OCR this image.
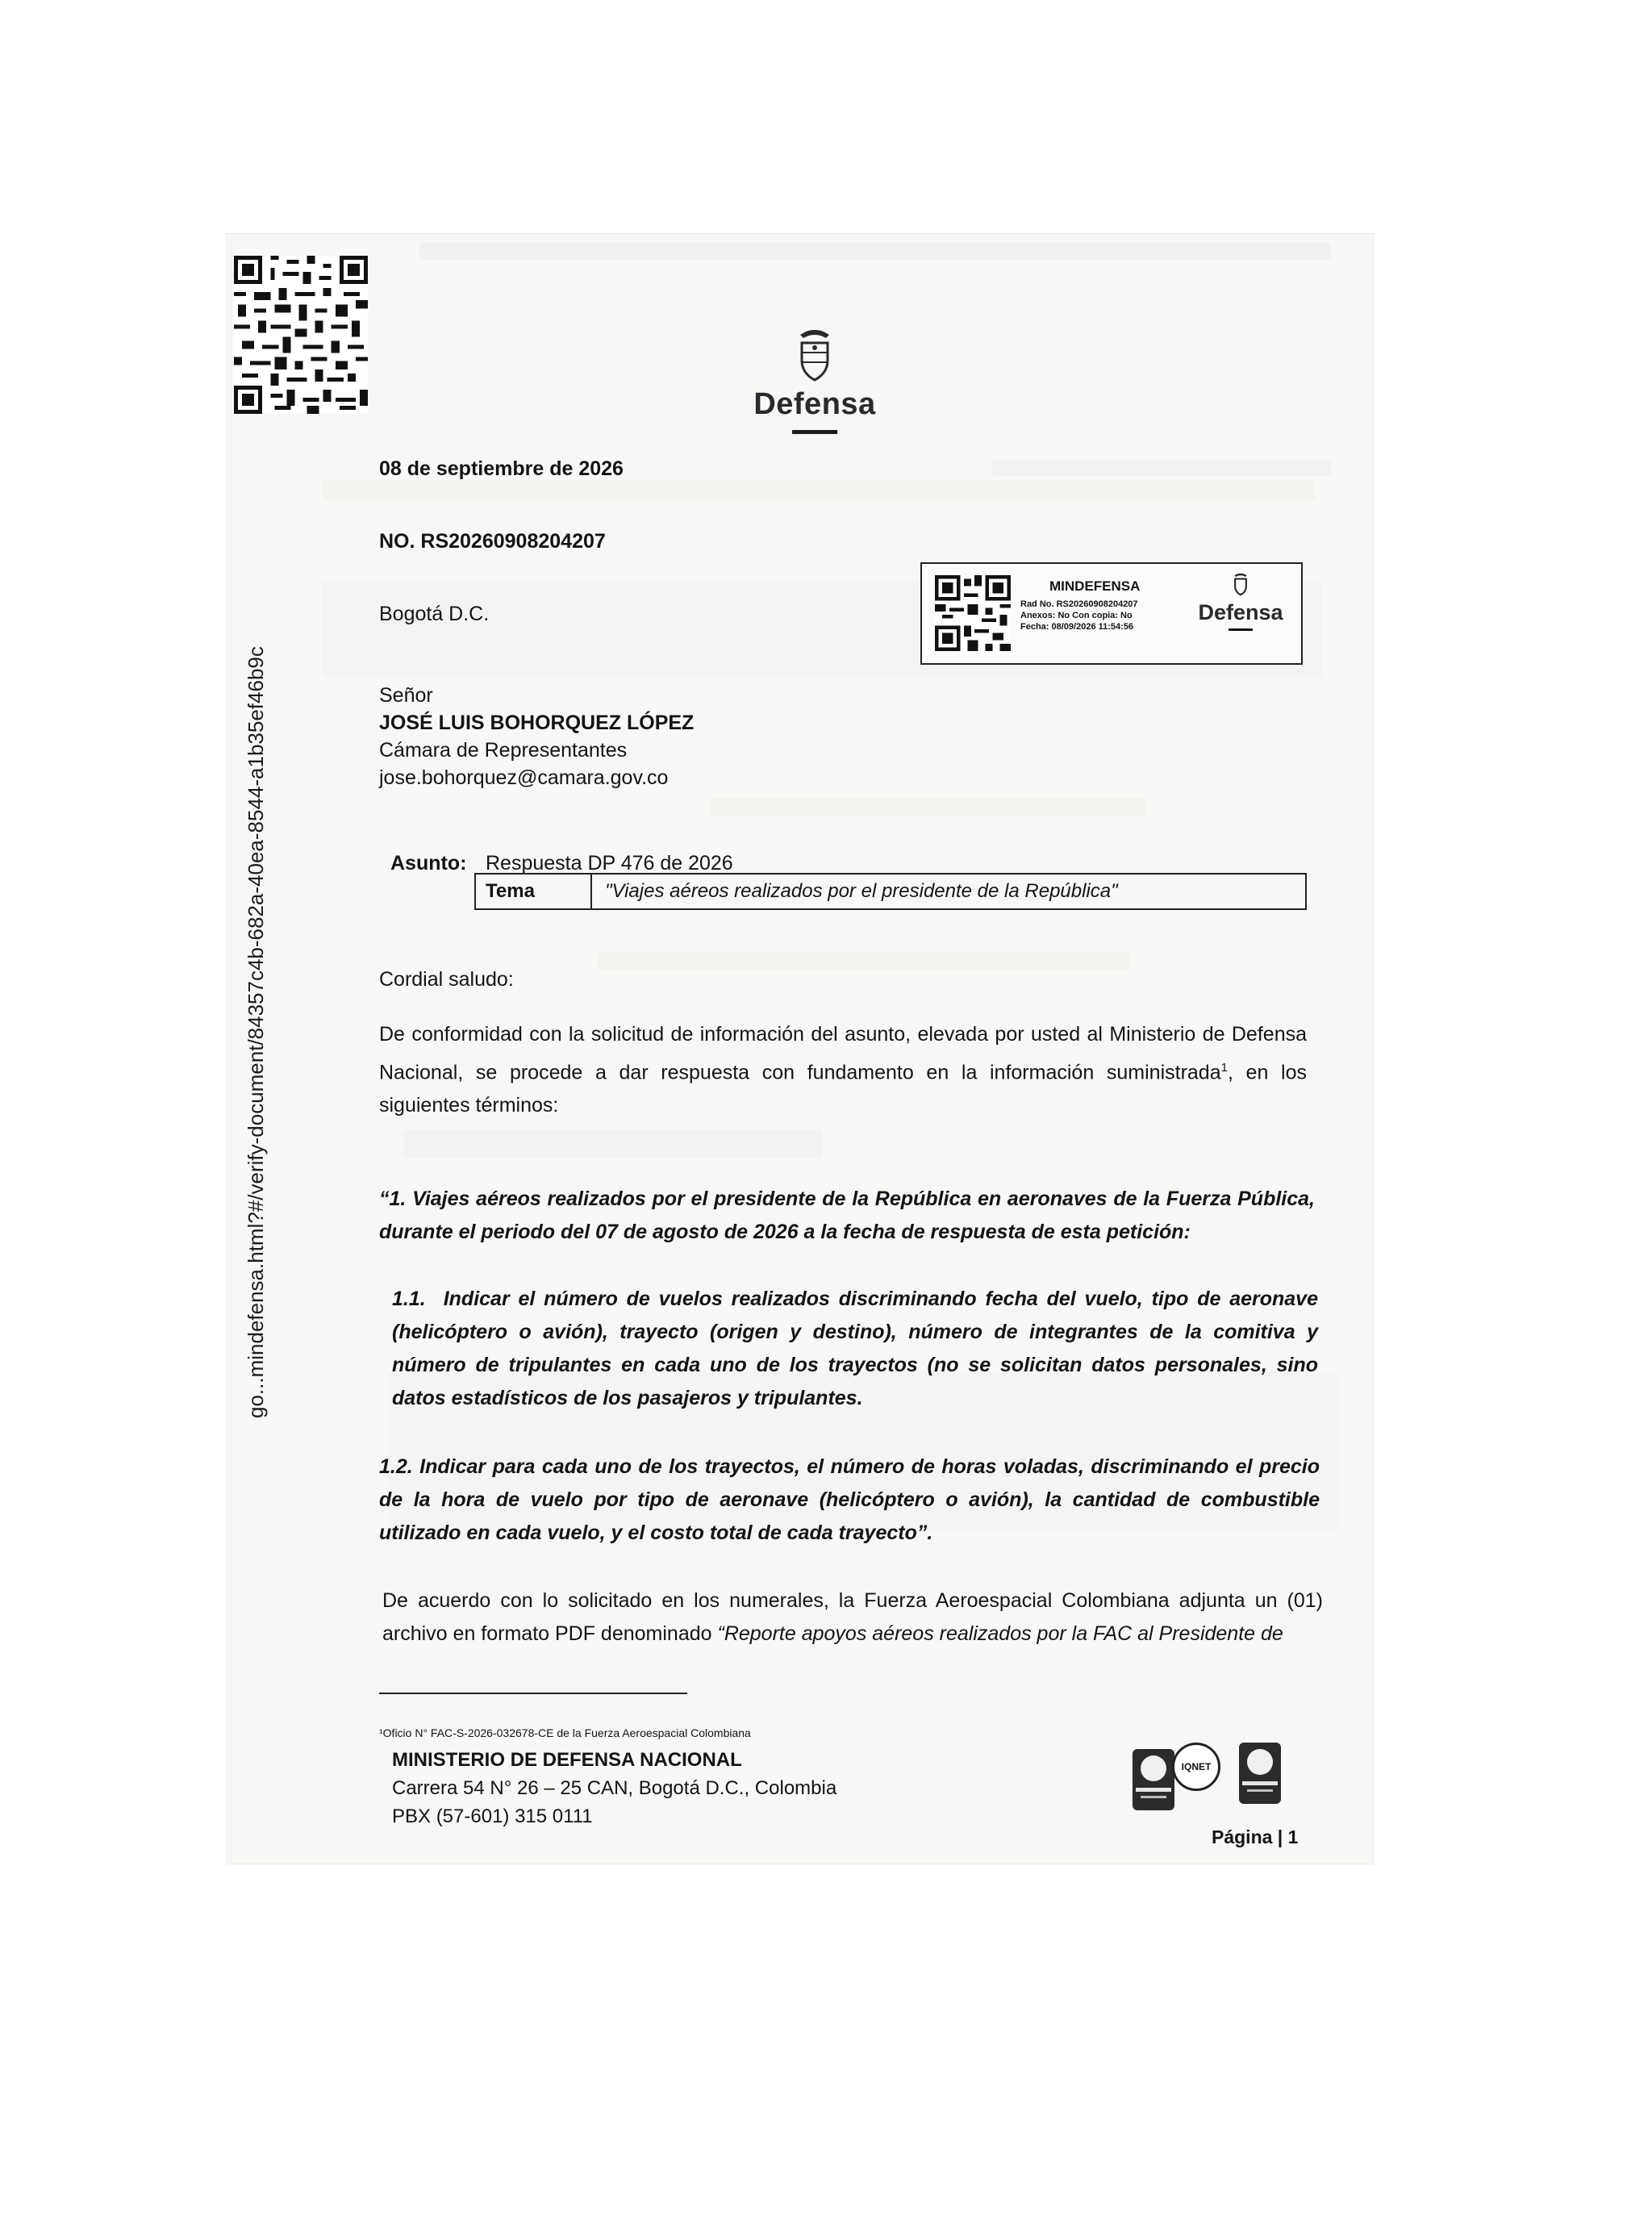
go...mindefensa.html?#/verify-document/84357c4b-682a-40ea-8544-a1b35ef46b9c
Defensa
08 de septiembre de 2026
NO. RS20260908204207
Bogotá D.C.
MINDEFENSA
Rad No. RS20260908204207
Anexos: No Con copia: No
Fecha: 08/09/2026 11:54:56
Defensa
Señor
JOSÉ LUIS BOHORQUEZ LÓPEZ
Cámara de Representantes
jose.bohorquez@camara.gov.co
Asunto: Respuesta DP 476 de 2026
Tema	"Viajes aéreos realizados por el presidente de la República"
Cordial saludo:
De conformidad con la solicitud de información del asunto, elevada por usted al Ministerio de Defensa Nacional, se procede a dar respuesta con fundamento en la información suministrada$^1$, en los siguientes términos:
“1. Viajes aéreos realizados por el presidente de la República en aeronaves de la Fuerza Pública, durante el periodo del 07 de agosto de 2026 a la fecha de respuesta de esta petición:
1.1. Indicar el número de vuelos realizados discriminando fecha del vuelo, tipo de aeronave (helicóptero o avión), trayecto (origen y destino), número de integrantes de la comitiva y número de tripulantes en cada uno de los trayectos (no se solicitan datos personales, sino datos estadísticos de los pasajeros y tripulantes.
1.2. Indicar para cada uno de los trayectos, el número de horas voladas, discriminando el precio de la hora de vuelo por tipo de aeronave (helicóptero o avión), la cantidad de combustible utilizado en cada vuelo, y el costo total de cada trayecto”.
De acuerdo con lo solicitado en los numerales, la Fuerza Aeroespacial Colombiana adjunta un (01) archivo en formato PDF denominado “Reporte apoyos aéreos realizados por la FAC al Presidente de
¹Oficio N° FAC-S-2026-032678-CE de la Fuerza Aeroespacial Colombiana
MINISTERIO DE DEFENSA NACIONAL
Carrera 54 N° 26 – 25 CAN, Bogotá D.C., Colombia
PBX (57-601) 315 0111
IQNET
Página | 1
